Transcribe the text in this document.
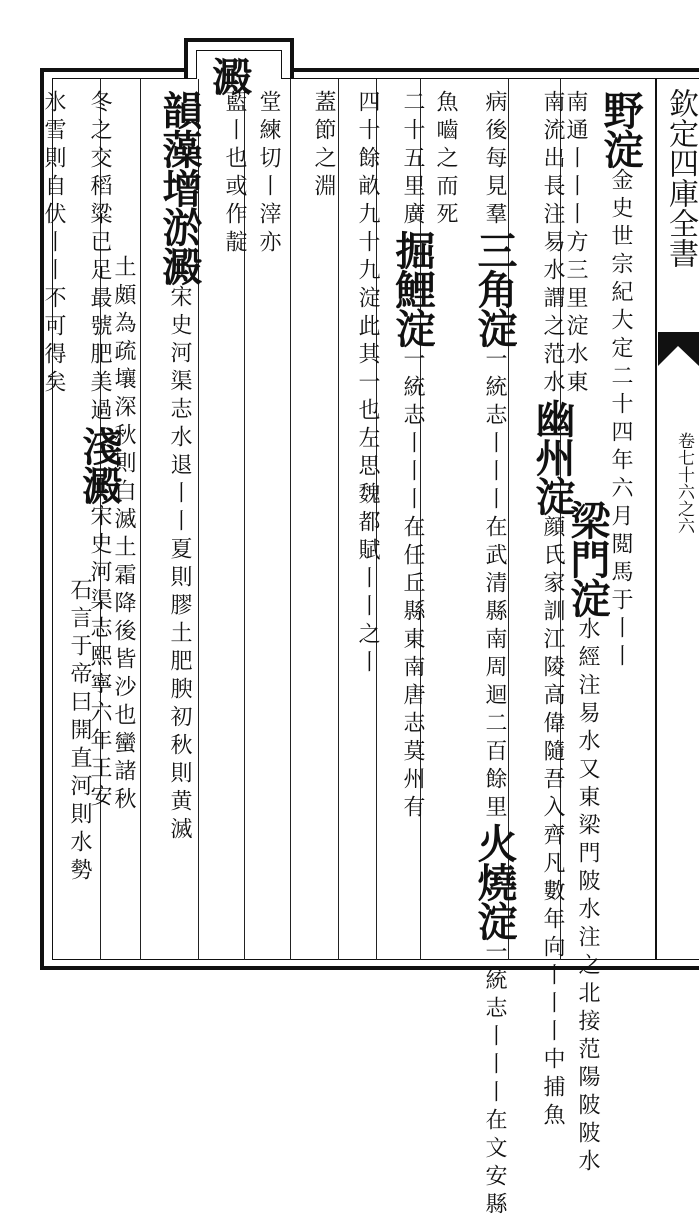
欽定四庫全書
卷七十六之六
野淀金史世宗紀大定二十四年六月閲馬于丨丨
南通丨丨丨方三里淀水東
梁門淀水經注易水又東梁門陂水注之北接范陽陂陂水
南流出長注易水謂之范水幽州淀顔氏家訓江陵高偉隨吾入齊凡數年向丨丨丨中捕魚
病後每見羣三角淀一統志丨丨丨在武清縣南周迴二百餘里火燒淀一統志丨丨丨在文安縣
魚嚙之而死
二十五里廣掘鯉淀一統志丨丨丨在任丘縣東南唐志莫州有
四十餘畝九十九淀此其一也左思魏都賦丨丨之丨
蓋節之淵
堂練切丨滓亦
藍丨也或作靛
澱
韻藻增淤澱宋史河渠志水退丨丨夏則膠土肥腴初秋則黄滅
土頗為疏壤深秋則白滅土霜降後皆沙也蠻諸秋
冬之交稻粱已足最號肥美過淺澱宋史河渠志熙寧六年王安
石言于帝曰開直河則水勢
氷雪則自伏丨丨不可得矣
